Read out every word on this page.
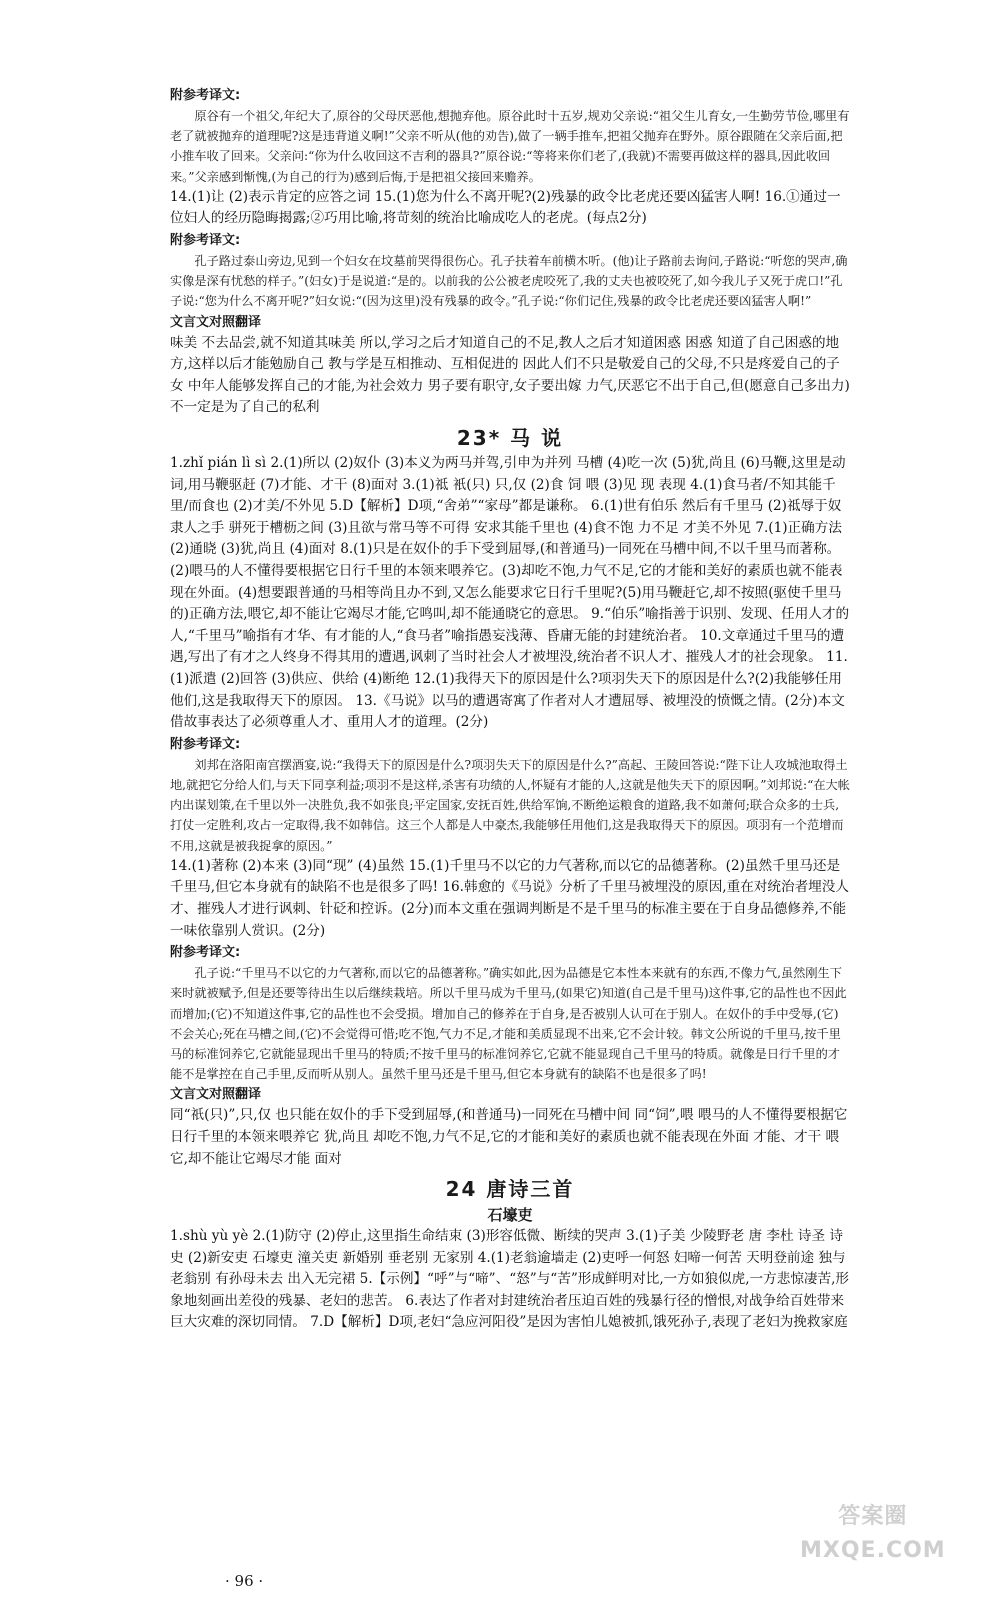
附参考译文:

原谷有一个祖父,年纪大了,原谷的父母厌恶他,想抛弃他。原谷此时十五岁,规劝父亲说:“祖父生儿育女,一生勤劳节俭,哪里有老了就被抛弃的道理呢?这是违背道义啊!”父亲不听从(他的劝告),做了一辆手推车,把祖父抛弃在野外。原谷跟随在父亲后面,把小推车收了回来。父亲问:“你为什么收回这不吉利的器具?”原谷说:“等将来你们老了,(我就)不需要再做这样的器具,因此收回来。”父亲感到惭愧,(为自己的行为)感到后悔,于是把祖父接回来赡养。

14.(1)让 (2)表示肯定的应答之词 15.(1)您为什么不离开呢?(2)残暴的政令比老虎还要凶猛害人啊! 16.①通过一位妇人的经历隐晦揭露;②巧用比喻,将苛刻的统治比喻成吃人的老虎。(每点2分)

附参考译文:

孔子路过泰山旁边,见到一个妇女在坟墓前哭得很伤心。孔子扶着车前横木听。(他)让子路前去询问,子路说:“听您的哭声,确实像是深有忧愁的样子。”(妇女)于是说道:“是的。以前我的公公被老虎咬死了,我的丈夫也被咬死了,如今我儿子又死于虎口!”孔子说:“您为什么不离开呢?”妇女说:“(因为这里)没有残暴的政令。”孔子说:“你们记住,残暴的政令比老虎还要凶猛害人啊!”

文言文对照翻译

味美 不去品尝,就不知道其味美 所以,学习之后才知道自己的不足,教人之后才知道困惑 困惑 知道了自己困惑的地方,这样以后才能勉励自己 教与学是互相推动、互相促进的 因此人们不只是敬爱自己的父母,不只是疼爱自己的子女 中年人能够发挥自己的才能,为社会效力 男子要有职守,女子要出嫁 力气,厌恶它不出于自己,但(愿意自己多出力)不一定是为了自己的私利

23* 马 说

1.zhǐ pián lì sì 2.(1)所以 (2)奴仆 (3)本义为两马并驾,引申为并列 马槽 (4)吃一次 (5)犹,尚且 (6)马鞭,这里是动词,用马鞭驱赶 (7)才能、才干 (8)面对 3.(1)祗 衹(只) 只,仅 (2)食 饲 喂 (3)见 现 表现 4.(1)食马者/不知其能千里/而食也 (2)才美/不外见 5.D【解析】D项,“舍弟”“家母”都是谦称。 6.(1)世有伯乐 然后有千里马 (2)祗辱于奴隶人之手 骈死于槽枥之间 (3)且欲与常马等不可得 安求其能千里也 (4)食不饱 力不足 才美不外见 7.(1)正确方法 (2)通晓 (3)犹,尚且 (4)面对 8.(1)只是在奴仆的手下受到屈辱,(和普通马)一同死在马槽中间,不以千里马而著称。(2)喂马的人不懂得要根据它日行千里的本领来喂养它。(3)却吃不饱,力气不足,它的才能和美好的素质也就不能表现在外面。(4)想要跟普通的马相等尚且办不到,又怎么能要求它日行千里呢?(5)用马鞭赶它,却不按照(驱使千里马的)正确方法,喂它,却不能让它竭尽才能,它鸣叫,却不能通晓它的意思。 9.“伯乐”喻指善于识别、发现、任用人才的人,“千里马”喻指有才华、有才能的人,“食马者”喻指愚妄浅薄、昏庸无能的封建统治者。 10.文章通过千里马的遭遇,写出了有才之人终身不得其用的遭遇,讽刺了当时社会人才被埋没,统治者不识人才、摧残人才的社会现象。 11.(1)派遣 (2)回答 (3)供应、供给 (4)断绝 12.(1)我得天下的原因是什么?项羽失天下的原因是什么?(2)我能够任用他们,这是我取得天下的原因。 13.《马说》以马的遭遇寄寓了作者对人才遭屈辱、被埋没的愤慨之情。(2分)本文借故事表达了必须尊重人才、重用人才的道理。(2分)

附参考译文:

刘邦在洛阳南宫摆酒宴,说:“我得天下的原因是什么?项羽失天下的原因是什么?”高起、王陵回答说:“陛下让人攻城池取得土地,就把它分给人们,与天下同享利益;项羽不是这样,杀害有功绩的人,怀疑有才能的人,这就是他失天下的原因啊。”刘邦说:“在大帐内出谋划策,在千里以外一决胜负,我不如张良;平定国家,安抚百姓,供给军饷,不断绝运粮食的道路,我不如萧何;联合众多的士兵,打仗一定胜利,攻占一定取得,我不如韩信。这三个人都是人中豪杰,我能够任用他们,这是我取得天下的原因。项羽有一个范增而不用,这就是被我捉拿的原因。”

14.(1)著称 (2)本来 (3)同“现” (4)虽然 15.(1)千里马不以它的力气著称,而以它的品德著称。(2)虽然千里马还是千里马,但它本身就有的缺陷不也是很多了吗! 16.韩愈的《马说》分析了千里马被埋没的原因,重在对统治者埋没人才、摧残人才进行讽刺、针砭和控诉。(2分)而本文重在强调判断是不是千里马的标准主要在于自身品德修养,不能一味依靠别人赏识。(2分)

附参考译文:

孔子说:“千里马不以它的力气著称,而以它的品德著称。”确实如此,因为品德是它本性本来就有的东西,不像力气,虽然刚生下来时就被赋予,但是还要等待出生以后继续栽培。所以千里马成为千里马,(如果它)知道(自己是千里马)这件事,它的品性也不因此而增加;(它)不知道这件事,它的品性也不会受损。增加自己的修养在于自身,是否被别人认可在于别人。在奴仆的手中受辱,(它)不会关心;死在马槽之间,(它)不会觉得可惜;吃不饱,气力不足,才能和美质显现不出来,它不会计较。韩文公所说的千里马,按千里马的标准饲养它,它就能显现出千里马的特质;不按千里马的标准饲养它,它就不能显现自己千里马的特质。就像是日行千里的才能不是掌控在自己手里,反而听从别人。虽然千里马还是千里马,但它本身就有的缺陷不也是很多了吗!

文言文对照翻译

同“祇(只)”,只,仅 也只能在奴仆的手下受到屈辱,(和普通马)一同死在马槽中间 同“饲”,喂 喂马的人不懂得要根据它日行千里的本领来喂养它 犹,尚且 却吃不饱,力气不足,它的才能和美好的素质也就不能表现在外面 才能、才干 喂它,却不能让它竭尽才能 面对

24 唐诗三首

石壕吏

1.shù yù yè 2.(1)防守 (2)停止,这里指生命结束 (3)形容低微、断续的哭声 3.(1)子美 少陵野老 唐 李杜 诗圣 诗史 (2)新安吏 石壕吏 潼关吏 新婚别 垂老别 无家别 4.(1)老翁逾墙走 (2)吏呼一何怒 妇啼一何苦 天明登前途 独与老翁别 有孙母未去 出入无完裙 5.【示例】“呼”与“啼”、“怒”与“苦”形成鲜明对比,一方如狼似虎,一方悲惊凄苦,形象地刻画出差役的残暴、老妇的悲苦。 6.表达了作者对封建统治者压迫百姓的残暴行径的憎恨,对战争给百姓带来巨大灾难的深切同情。 7.D【解析】D项,老妇“急应河阳役”是因为害怕儿媳被抓,饿死孙子,表现了老妇为挽救家庭

· 96 ·
答案圈
MXQE.COM
